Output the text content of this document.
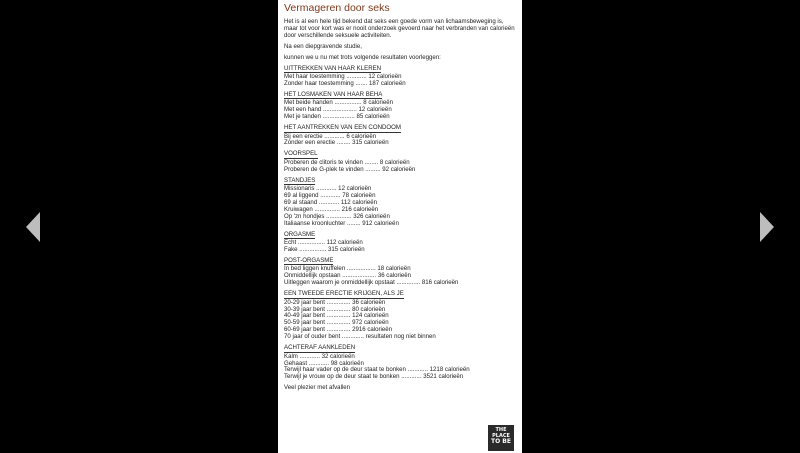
Vermageren door seks
Het is al een hele tijd bekend dat seks een goede vorm van lichaamsbeweging is, maar tot voor kort was er nooit onderzoek gevoerd naar het verbranden van calorieën door verschillende seksuele activiteiten.
Na een diepgravende studie,
kunnen we u nu met trots volgende resultaten voorleggen:
UITTREKKEN VAN HAAR KLEREN
Met haar toestemming ............ 12 calorieën
Zonder haar toestemming ....... 187 calorieën
HET LOSMAKEN VAN HAAR BEHA
Met beide handen ................ 8 calorieën
Met een hand .................... 12 calorieën
Met je tanden ................... 85 calorieën
HET AANTREKKEN VAN EEN CONDOOM
Bij een erectie ............ 6 calorieën
Zonder een erectie ........ 315 calorieën
VOORSPEL
Proberen de clitoris te vinden ........ 8 calorieën
Proberen de G-plek te vinden ......... 92 calorieën
STANDJES
Missionaris ............ 12 calorieën
69 al liggend ............ 78 calorieën
69 al staand ............ 112 calorieën
Kruiwagen ............... 216 calorieën
Op 'zn hondjes ............... 326 calorieën
Italiaanse kroonluchter ........ 912 calorieën
ORGASME
Echt ................ 112 calorieën
Fake ................ 315 calorieën
POST-ORGASME
In bed liggen knuffelen ................. 18 calorieën
Onmiddellijk opstaan .................... 36 calorieën
Uitleggen waarom je onmiddellijk opstaat .............. 816 calorieën
EEN TWEEDE ERECTIE KRIJGEN, ALS JE
20-29 jaar bent .............. 36 calorieën
30-39 jaar bent .............. 80 calorieën
40-49 jaar bent .............. 124 calorieën
50-59 jaar bent .............. 972 calorieën
60-69 jaar bent .............. 2916 calorieën
70 jaar of ouder bent ............. resultaten nog niet binnen
ACHTERAF AANKLEDEN
Kalm ............ 32 calorieën
Gehaast ............ 98 calorieën
Terwijl haar vader op de deur staat te bonken ............ 1218 calorieën
Terwijl je vrouw op de deur staat te bonken ............ 3521 calorieën
Veel plezier met afvallen
THE PLACE
TO BE
